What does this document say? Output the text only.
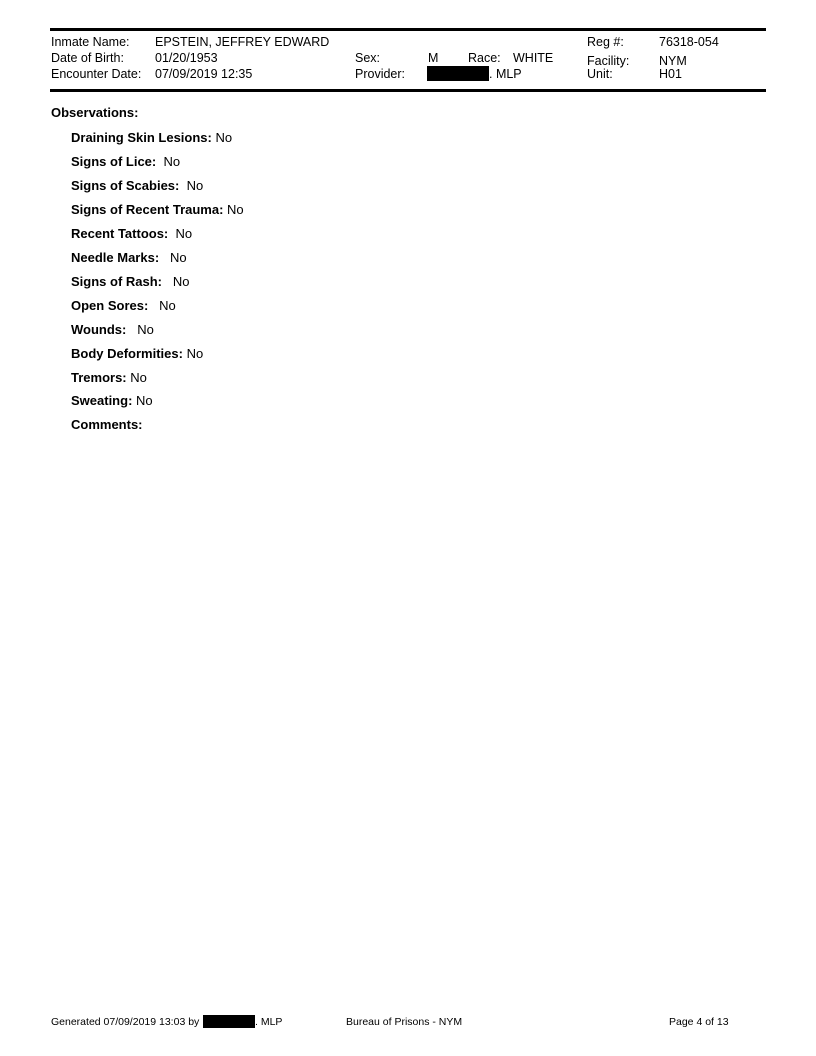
Inmate Name: EPSTEIN, JEFFREY EDWARD
Date of Birth: 01/20/1953
Encounter Date: 07/09/2019 12:35
Sex:	M Race: WHITE
Provider:	. MLP
Reg #:	76318-054
Facility: NYM
Unit:	H01
Observations:
Draining Skin Lesions: No
Signs of Lice: No
Signs of Scabies: No
Signs of Recent Trauma: No
Recent Tattoos: No
Needle Marks: No
Signs of Rash: No
Open Sores: No
Wounds: No
Body Deformities: No
Tremors: No
Sweating: No
Comments:
Generated 07/09/2019 13:03 by	. MLP	Bureau of Prisons - NYM	Page 4 of 13
